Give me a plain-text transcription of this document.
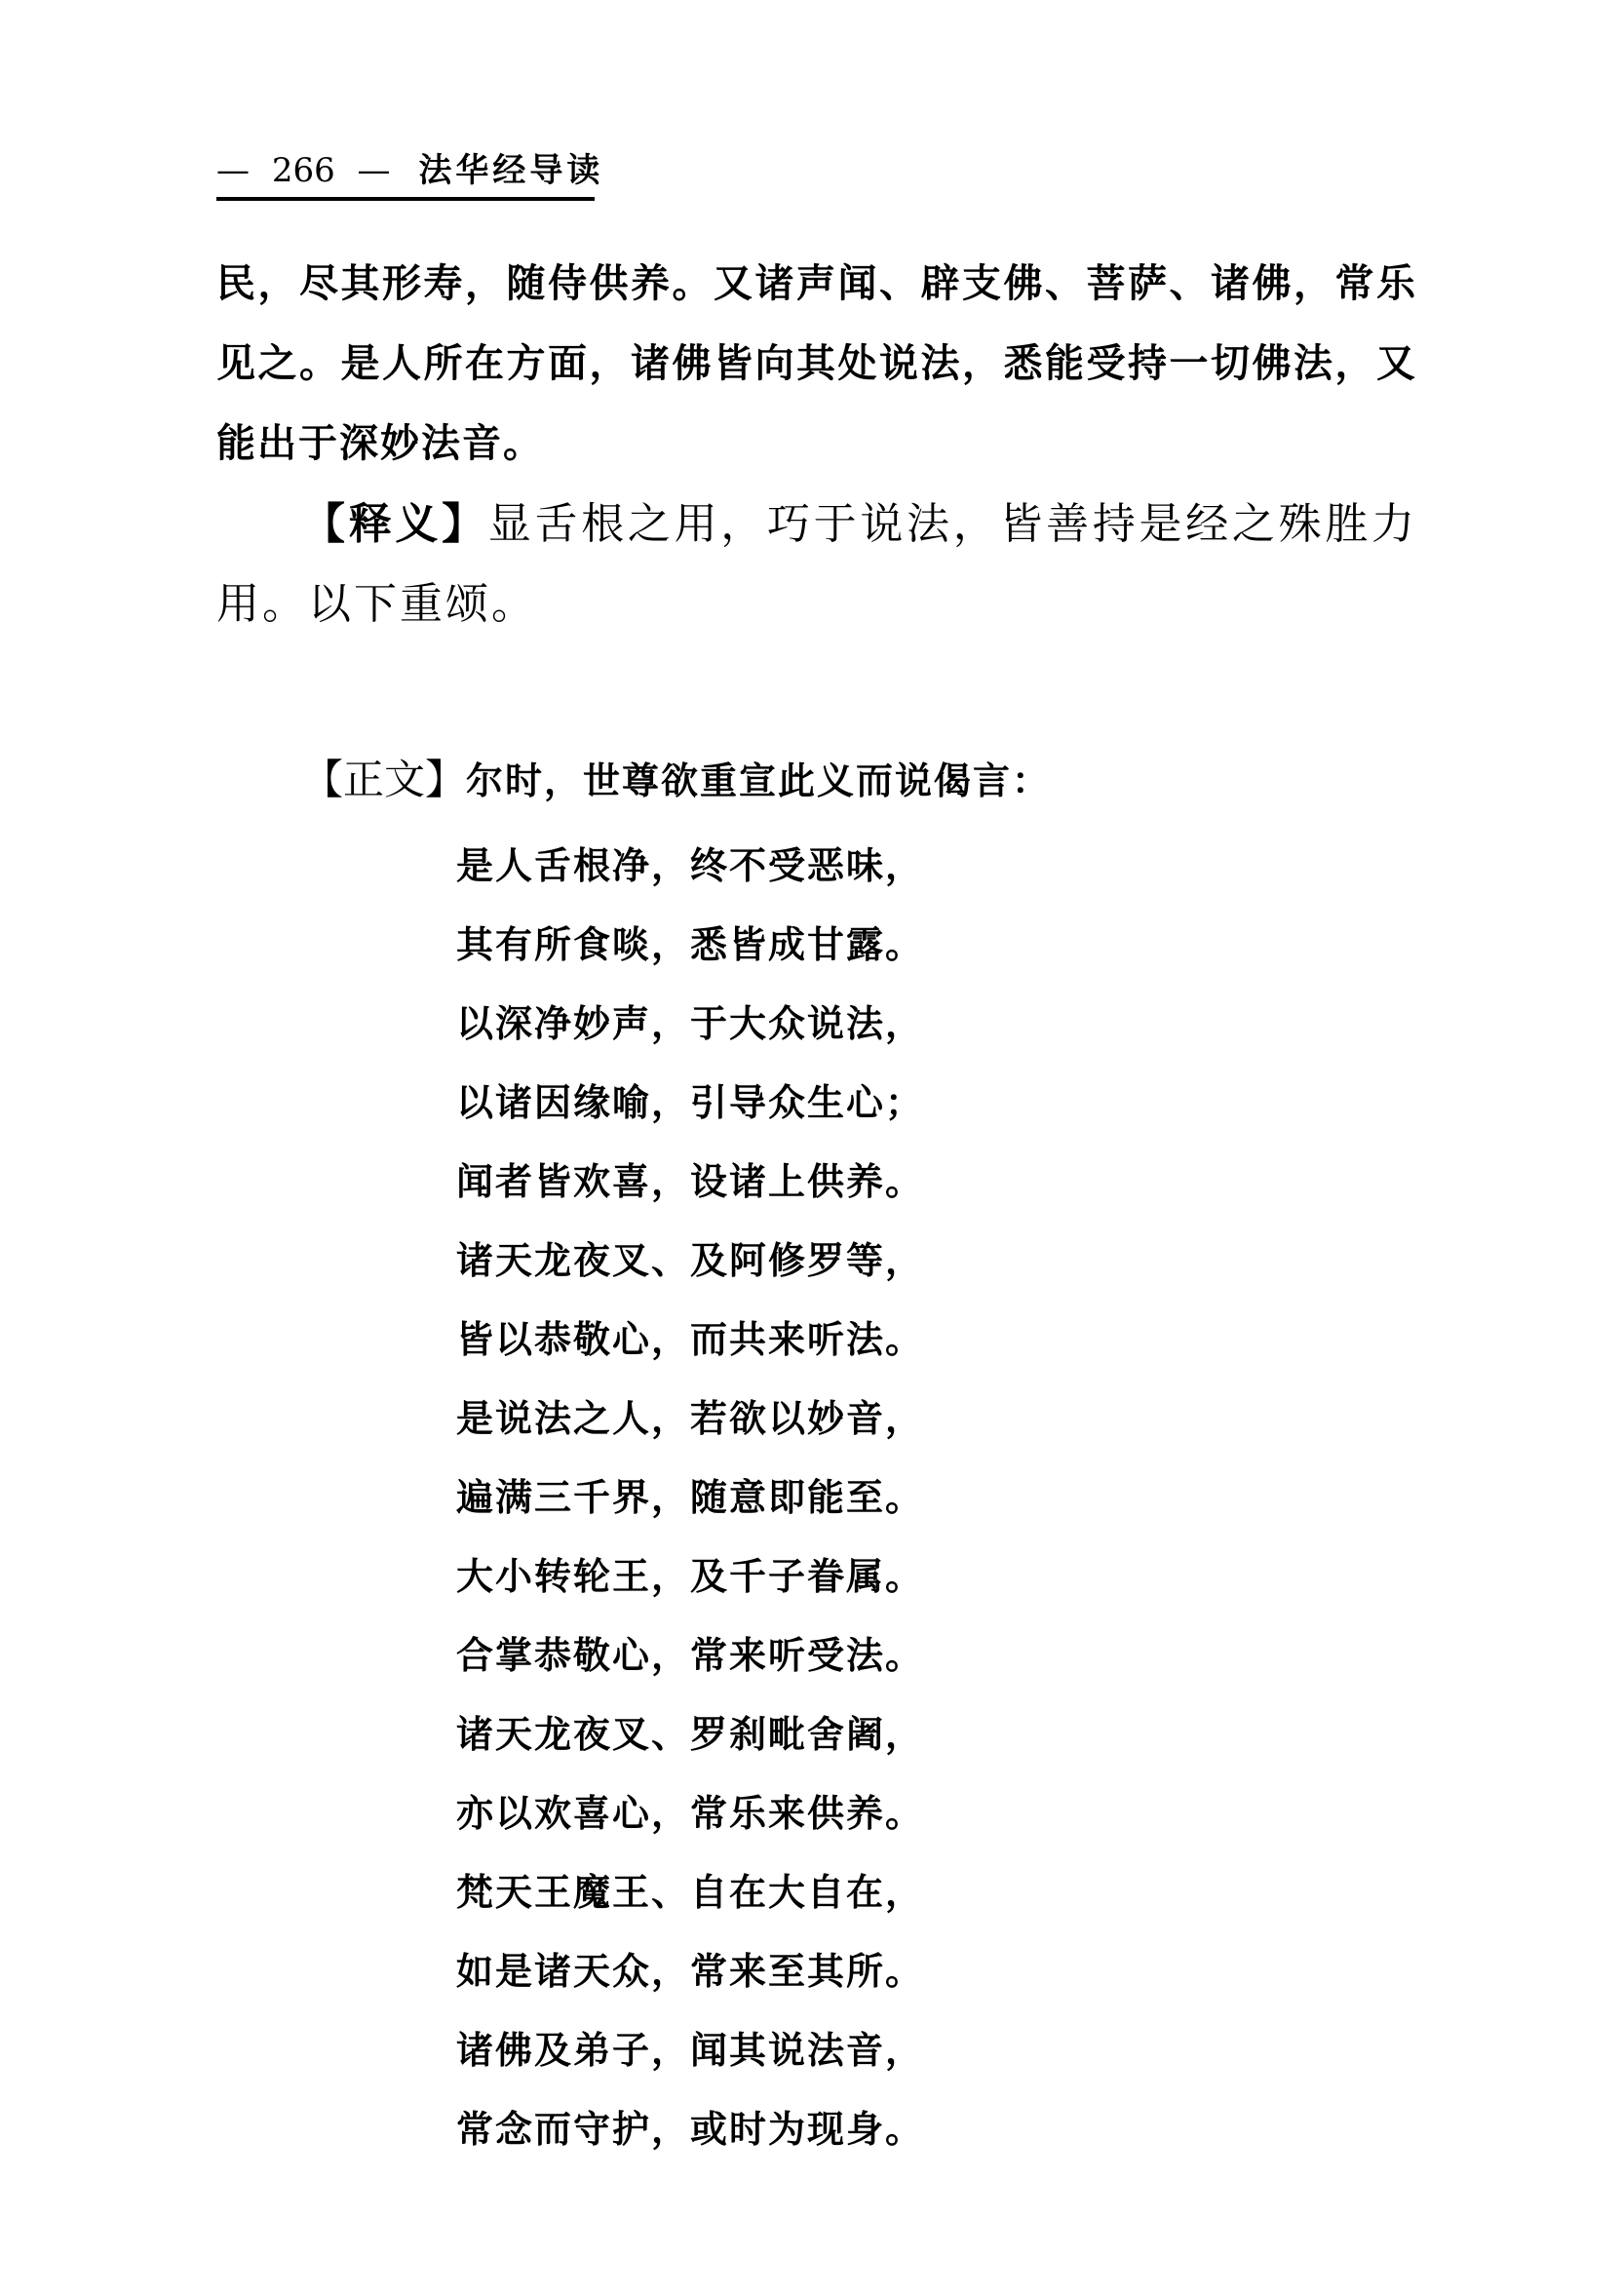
— 266 — 法华经导读

民，尽其形寿，随侍供养。又诸声闻、辟支佛、菩萨、诸佛，常乐见之。是人所在方面，诸佛皆向其处说法，悉能受持一切佛法，又能出于深妙法音。

【释义】显舌根之用，巧于说法，皆善持是经之殊胜力用。以下重颂。

【正文】尔时，世尊欲重宣此义而说偈言：
是人舌根净，终不受恶味，
其有所食啖，悉皆成甘露。
以深净妙声，于大众说法，
以诸因缘喻，引导众生心；
闻者皆欢喜，设诸上供养。
诸天龙夜叉、及阿修罗等，
皆以恭敬心，而共来听法。
是说法之人，若欲以妙音，
遍满三千界，随意即能至。
大小转轮王，及千子眷属。
合掌恭敬心，常来听受法。
诸天龙夜叉、罗刹毗舍阇，
亦以欢喜心，常乐来供养。
梵天王魔王、自在大自在，
如是诸天众，常来至其所。
诸佛及弟子，闻其说法音，
常念而守护，或时为现身。
